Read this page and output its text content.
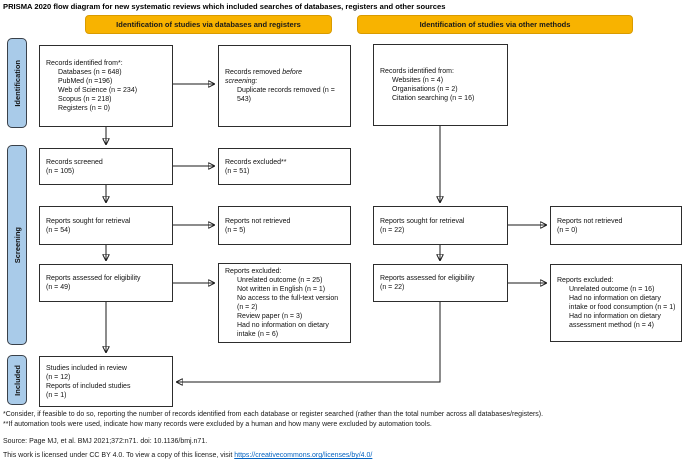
PRISMA 2020 flow diagram for new systematic reviews which included searches of databases, registers and other sources
Identification of studies via databases and registers	Identification of studies via other methods
Identification
Screening
Included
Records identified from*:
Databases (n = 648)
PubMed (n =196)
Web of Science (n = 234)
Scopus (n = 218)
Registers (n = 0)
Records removed before screening:
Duplicate records removed (n = 543)
Records identified from:
Websites (n = 4)
Organisations (n = 2)
Citation searching (n = 16)
Records screened
(n = 105)
Records excluded**
(n = 51)
Reports sought for retrieval
(n = 54)
Reports not retrieved
(n = 5)
Reports sought for retrieval
(n = 22)
Reports not retrieved
(n = 0)
Reports assessed for eligibility
(n = 49)
Reports excluded:
Unrelated outcome (n = 25)
Not written in English (n = 1)
No access to the full-text version (n = 2)
Review paper (n = 3)
Had no information on dietary intake (n = 6)
Reports assessed for eligibility
(n = 22)
Reports excluded:
Unrelated outcome (n = 16)
Had no information on dietary intake or food consumption (n = 1)
Had no information on dietary assessment method (n = 4)
Studies included in review
(n = 12)
Reports of included studies
(n = 1)
*Consider, if feasible to do so, reporting the number of records identified from each database or register searched (rather than the total number across all databases/registers).
**If automation tools were used, indicate how many records were excluded by a human and how many were excluded by automation tools.
Source: Page MJ, et al. BMJ 2021;372:n71. doi: 10.1136/bmj.n71.
This work is licensed under CC BY 4.0. To view a copy of this license, visit https://creativecommons.org/licenses/by/4.0/
